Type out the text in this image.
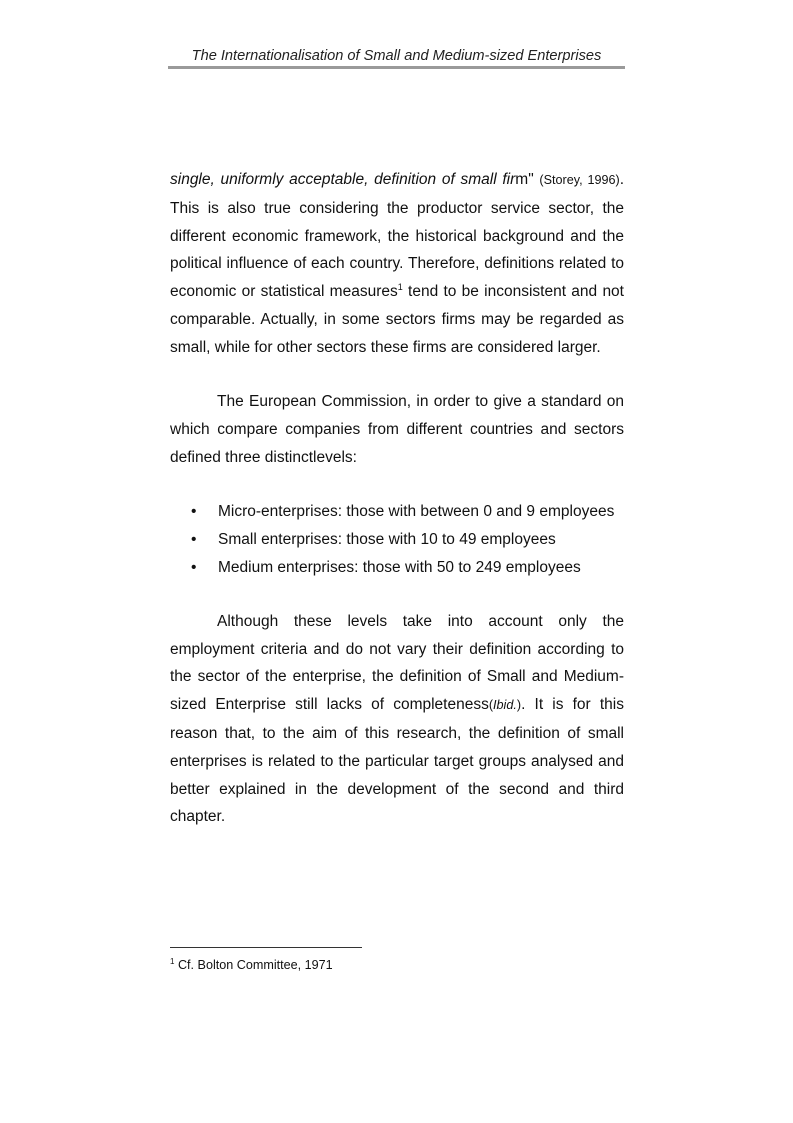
The Internationalisation of Small and Medium-sized Enterprises

single, uniformly acceptable, definition of small firm" (Storey, 1996). This is also true considering the productor service sector, the different economic framework, the historical background and the political influence of each country. Therefore, definitions related to economic or statistical measures$^1$ tend to be inconsistent and not comparable. Actually, in some sectors firms may be regarded as small, while for other sectors these firms are considered larger.

The European Commission, in order to give a standard on which compare companies from different countries and sectors defined three distinctlevels:

• Micro-enterprises: those with between 0 and 9 employees
• Small enterprises: those with 10 to 49 employees
• Medium enterprises: those with 50 to 249 employees

Although these levels take into account only the employment criteria and do not vary their definition according to the sector of the enterprise, the definition of Small and Medium-sized Enterprise still lacks of completeness(Ibid.). It is for this reason that, to the aim of this research, the definition of small enterprises is related to the particular target groups analysed and better explained in the development of the second and third chapter.

$^1$ Cf. Bolton Committee, 1971
